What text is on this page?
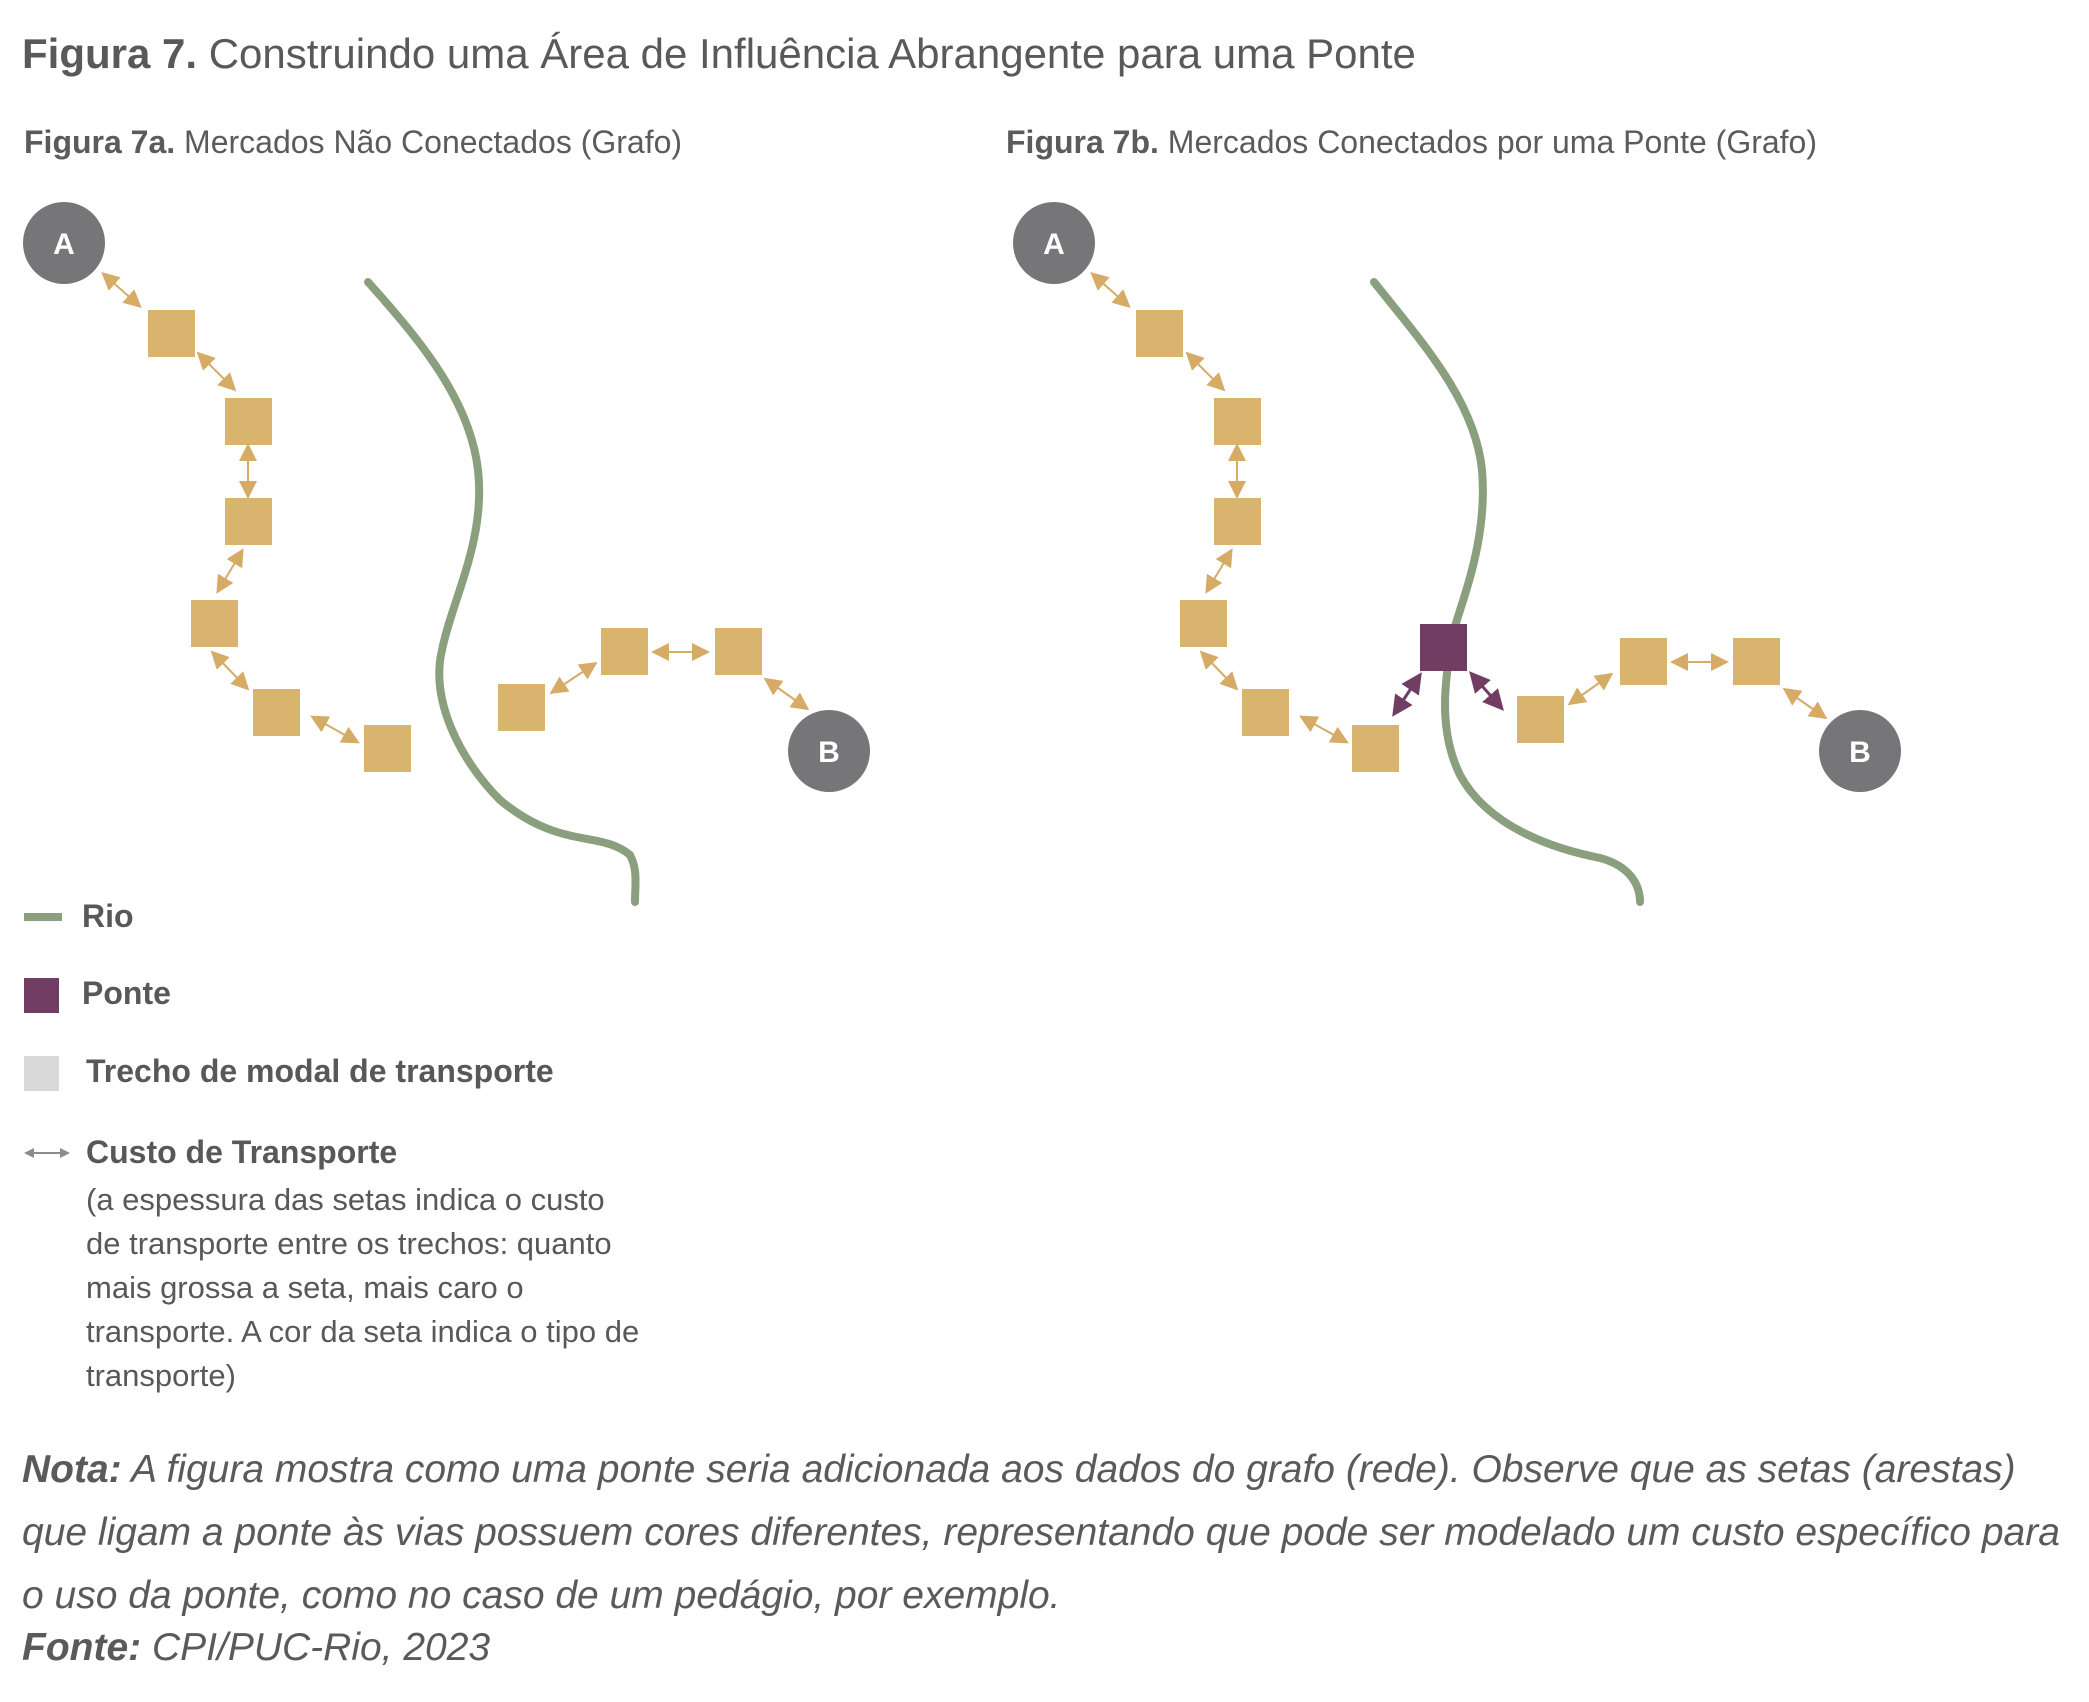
Figura 7. Construindo uma Área de Influência Abrangente para uma Ponte
Figura 7a. Mercados Não Conectados (Grafo)	Figura 7b. Mercados Conectados por uma Ponte (Grafo)
A
B
A
B
Rio
Ponte
Trecho de modal de transporte
Custo de Transporte
(a espessura das setas indica o custo de transporte entre os trechos: quanto mais grossa a seta, mais caro o transporte. A cor da seta indica o tipo de transporte)
Nota: A figura mostra como uma ponte seria adicionada aos dados do grafo (rede). Observe que as setas (arestas) que ligam a ponte às vias possuem cores diferentes, representando que pode ser modelado um custo específico para o uso da ponte, como no caso de um pedágio, por exemplo.
Fonte: CPI/PUC-Rio, 2023
